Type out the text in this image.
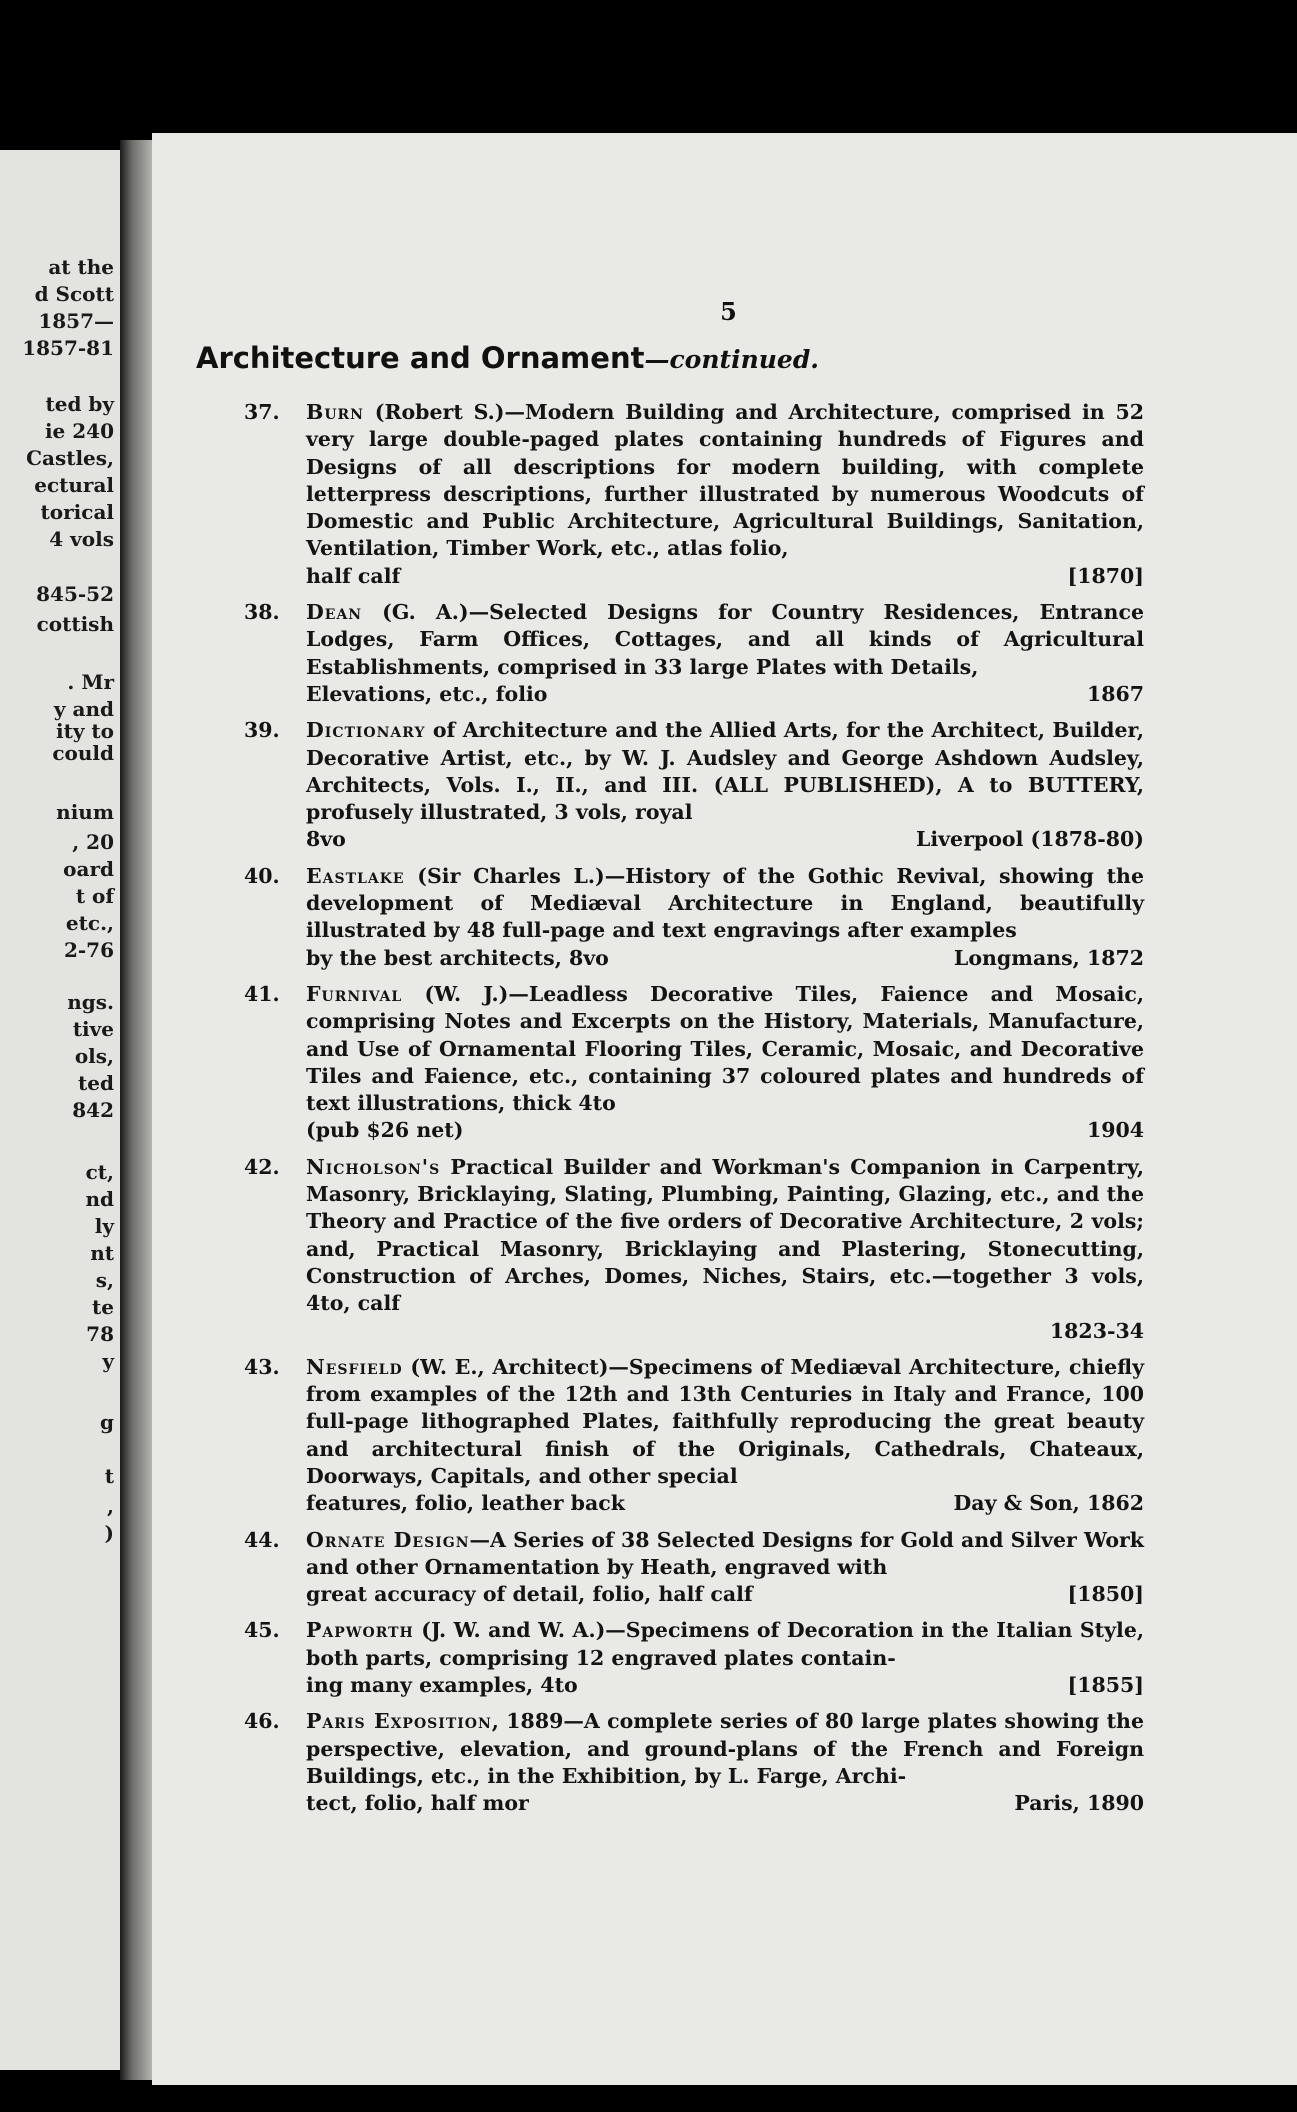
at the
d Scott
1857—
1857-81
ted by
ie 240
Castles,
ectural
torical
4 vols
845-52
cottish
. Mr
y and
ity to
could
nium
, 20
oard
t of
etc.,
2-76
ngs.
tive
ols,
ted
842
ct,
nd
ly
nt
s,
te
78
y
g
t
,
)
5
Architecture and Ornament—continued.
37.	Burn (Robert S.)—Modern Building and Architecture, comprised in 52 very large double-paged plates containing hundreds of Figures and Designs of all descriptions for modern building, with complete letterpress descriptions, further illustrated by numerous Woodcuts of Domestic and Public Architecture, Agricultural Buildings, Sanitation, Ventilation, Timber Work, etc., atlas folio,
half calf	[1870]
38.	Dean (G. A.)—Selected Designs for Country Residences, Entrance Lodges, Farm Offices, Cottages, and all kinds of Agricultural Establishments, comprised in 33 large Plates with Details,
Elevations, etc., folio	1867
39.	Dictionary of Architecture and the Allied Arts, for the Architect, Builder, Decorative Artist, etc., by W. J. Audsley and George Ashdown Audsley, Architects, Vols. I., II., and III. (ALL PUBLISHED), A to BUTTERY, profusely illustrated, 3 vols, royal
8vo	Liverpool (1878-80)
40.	Eastlake (Sir Charles L.)—History of the Gothic Revival, showing the development of Mediæval Architecture in England, beautifully illustrated by 48 full-page and text engravings after examples
by the best architects, 8vo	Longmans, 1872
41.	Furnival (W. J.)—Leadless Decorative Tiles, Faience and Mosaic, comprising Notes and Excerpts on the History, Materials, Manufacture, and Use of Ornamental Flooring Tiles, Ceramic, Mosaic, and Decorative Tiles and Faience, etc., containing 37 coloured plates and hundreds of text illustrations, thick 4to
(pub $26 net)	1904
42.	Nicholson's Practical Builder and Workman's Companion in Carpentry, Masonry, Bricklaying, Slating, Plumbing, Painting, Glazing, etc., and the Theory and Practice of the five orders of Decorative Architecture, 2 vols; and, Practical Masonry, Bricklaying and Plastering, Stonecutting, Construction of Arches, Domes, Niches, Stairs, etc.—together 3 vols, 4to, calf
1823-34
43.	Nesfield (W. E., Architect)—Specimens of Mediæval Architecture, chiefly from examples of the 12th and 13th Centuries in Italy and France, 100 full-page lithographed Plates, faithfully reproducing the great beauty and architectural finish of the Originals, Cathedrals, Chateaux, Doorways, Capitals, and other special
features, folio, leather back	Day & Son, 1862
44.	Ornate Design—A Series of 38 Selected Designs for Gold and Silver Work and other Ornamentation by Heath, engraved with
great accuracy of detail, folio, half calf	[1850]
45.	Papworth (J. W. and W. A.)—Specimens of Decoration in the Italian Style, both parts, comprising 12 engraved plates contain-
ing many examples, 4to	[1855]
46.	Paris Exposition, 1889—A complete series of 80 large plates showing the perspective, elevation, and ground-plans of the French and Foreign Buildings, etc., in the Exhibition, by L. Farge, Archi-
tect, folio, half mor	Paris, 1890
